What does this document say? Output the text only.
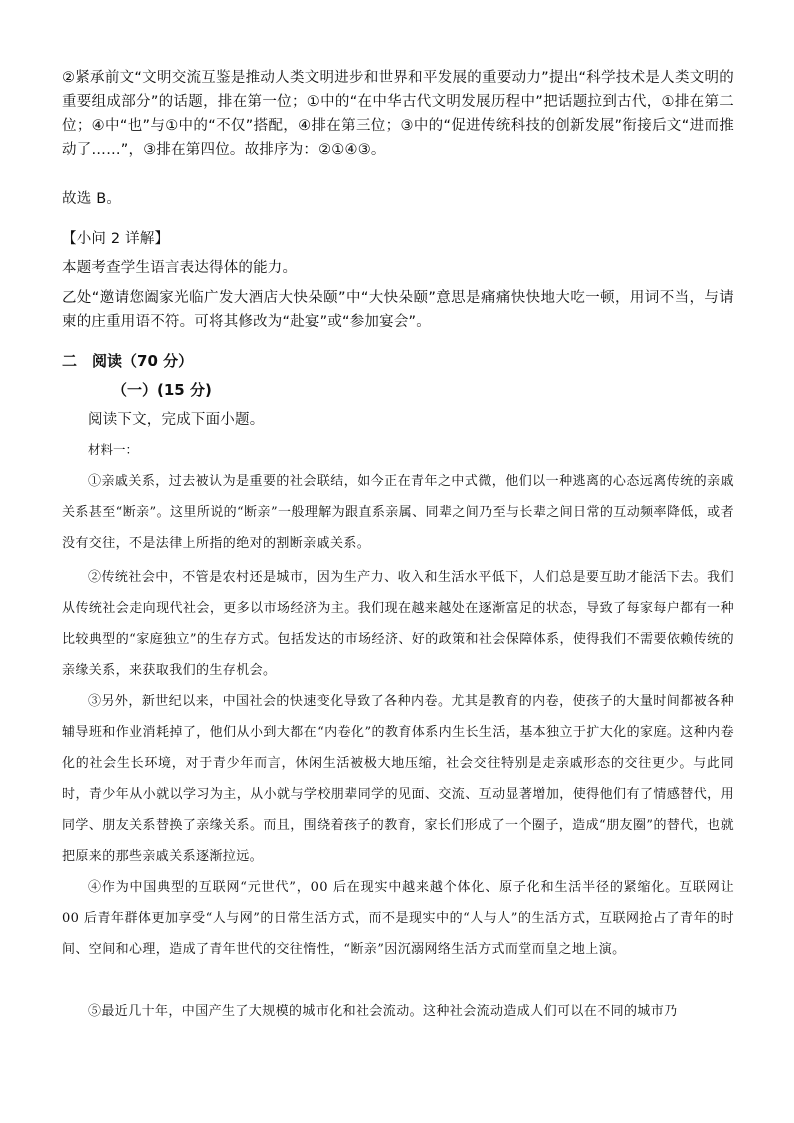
②紧承前文“文明交流互鉴是推动人类文明进步和世界和平发展的重要动力”提出“科学技术是人类文明的重要组成部分”的话题，排在第一位；①中的“在中华古代文明发展历程中”把话题拉到古代，①排在第二位；④中“也”与①中的“不仅”搭配，④排在第三位；③中的“促进传统科技的创新发展”衔接后文“进而推动了……”，③排在第四位。故排序为：②①④③。

故选 B。

【小问 2 详解】

本题考查学生语言表达得体的能力。

乙处“邀请您阖家光临广发大酒店大快朵颐”中“大快朵颐”意思是痛痛快快地大吃一顿，用词不当，与请柬的庄重用语不符。可将其修改为“赴宴”或“参加宴会”。

二　阅读（70 分）

（一）(15 分)

阅读下文，完成下面小题。

材料一：

①亲戚关系，过去被认为是重要的社会联结，如今正在青年之中式微，他们以一种逃离的心态远离传统的亲戚关系甚至“断亲”。这里所说的“断亲”一般理解为跟直系亲属、同辈之间乃至与长辈之间日常的互动频率降低，或者没有交往，不是法律上所指的绝对的割断亲戚关系。

②传统社会中，不管是农村还是城市，因为生产力、收入和生活水平低下，人们总是要互助才能活下去。我们从传统社会走向现代社会，更多以市场经济为主。我们现在越来越处在逐渐富足的状态，导致了每家每户都有一种比较典型的“家庭独立”的生存方式。包括发达的市场经济、好的政策和社会保障体系，使得我们不需要依赖传统的亲缘关系，来获取我们的生存机会。

③另外，新世纪以来，中国社会的快速变化导致了各种内卷。尤其是教育的内卷，使孩子的大量时间都被各种辅导班和作业消耗掉了，他们从小到大都在“内卷化”的教育体系内生长生活，基本独立于扩大化的家庭。这种内卷化的社会生长环境，对于青少年而言，休闲生活被极大地压缩，社会交往特别是走亲戚形态的交往更少。与此同时，青少年从小就以学习为主，从小就与学校朋辈同学的见面、交流、互动显著增加，使得他们有了情感替代，用同学、朋友关系替换了亲缘关系。而且，围绕着孩子的教育，家长们形成了一个圈子，造成“朋友圈”的替代，也就把原来的那些亲戚关系逐渐拉远。

④作为中国典型的互联网“元世代”，00 后在现实中越来越个体化、原子化和生活半径的紧缩化。互联网让 00 后青年群体更加享受“人与网”的日常生活方式，而不是现实中的“人与人”的生活方式，互联网抢占了青年的时间、空间和心理，造成了青年世代的交往惰性，“断亲”因沉溺网络生活方式而堂而皇之地上演。

⑤最近几十年，中国产生了大规模的城市化和社会流动。这种社会流动造成人们可以在不同的城市乃
